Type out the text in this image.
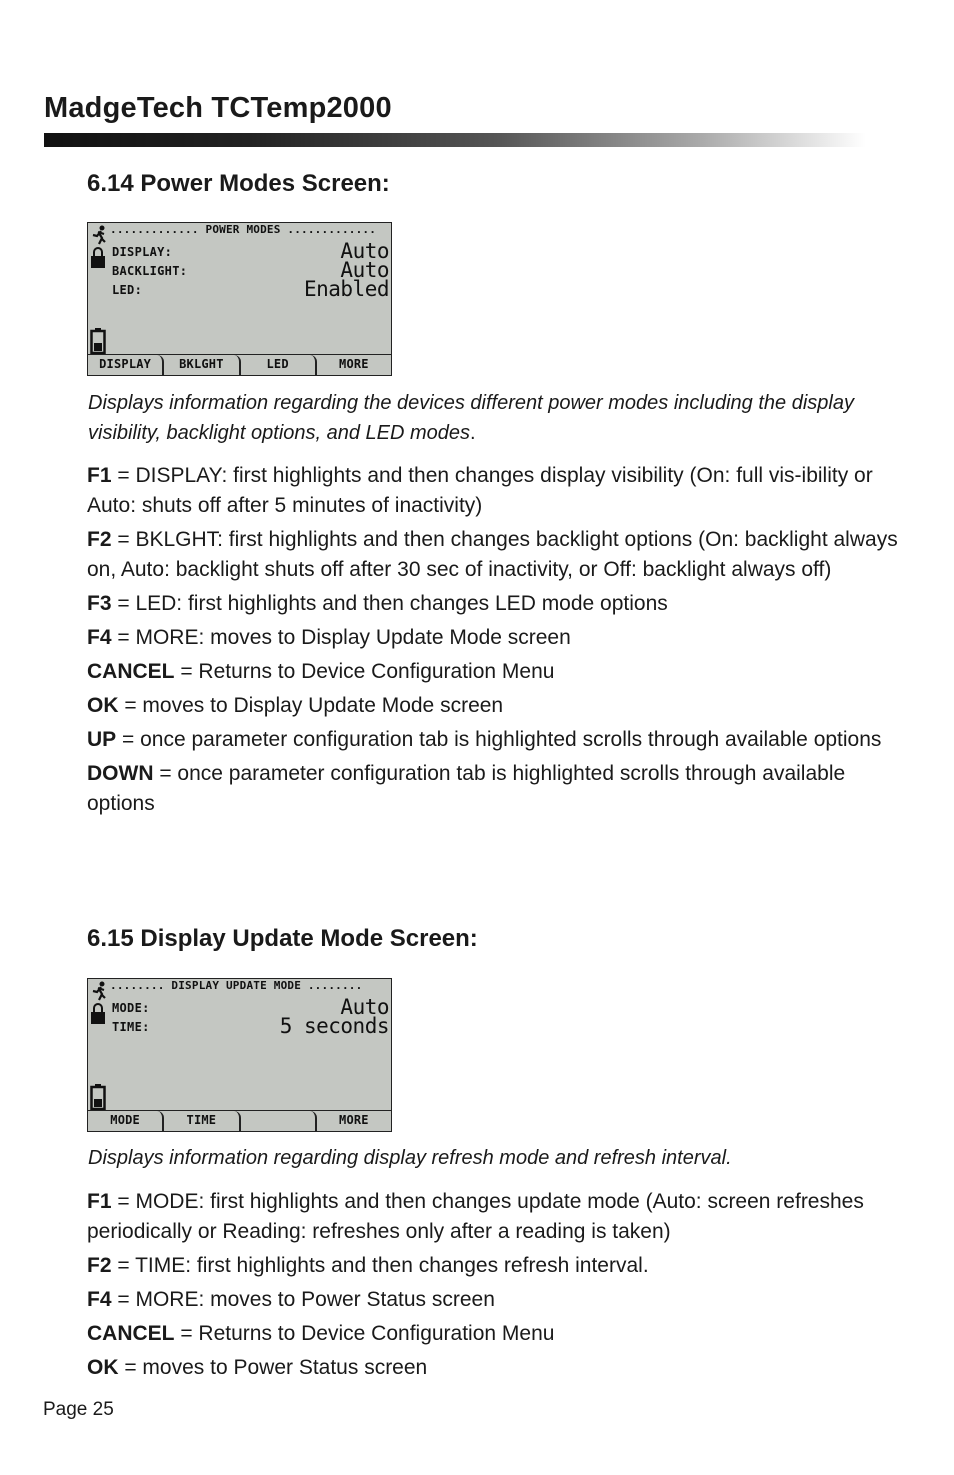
MadgeTech TCTemp2000
6.14 Power Modes Screen:
............. POWER MODES .............
DISPLAY:	Auto
BACKLIGHT:	Auto
LED:	Enabled
DISPLAY	BKLGHT	LED	MORE
Displays information regarding the devices different power modes including the display visibility, backlight options, and LED modes.

F1 = DISPLAY: first highlights and then changes display visibility (On: full vis-ibility or Auto: shuts off after 5 minutes of inactivity)

F2 = BKLGHT: first highlights and then changes backlight options (On: backlight always on, Auto: backlight shuts off after 30 sec of inactivity, or Off: backlight always off)

F3 = LED: first highlights and then changes LED mode options

F4 = MORE: moves to Display Update Mode screen

CANCEL = Returns to Device Configuration Menu

OK = moves to Display Update Mode screen

UP = once parameter configuration tab is highlighted scrolls through available options

DOWN = once parameter configuration tab is highlighted scrolls through available options

6.15 Display Update Mode Screen:
........ DISPLAY UPDATE MODE ........
MODE:	Auto
TIME:	5 seconds
MODE	TIME	MORE
Displays information regarding display refresh mode and refresh interval.

F1 = MODE: first highlights and then changes update mode (Auto: screen refreshes periodically or Reading: refreshes only after a reading is taken)

F2 = TIME: first highlights and then changes refresh interval.

F4 = MORE: moves to Power Status screen

CANCEL = Returns to Device Configuration Menu

OK = moves to Power Status screen

Page 25
